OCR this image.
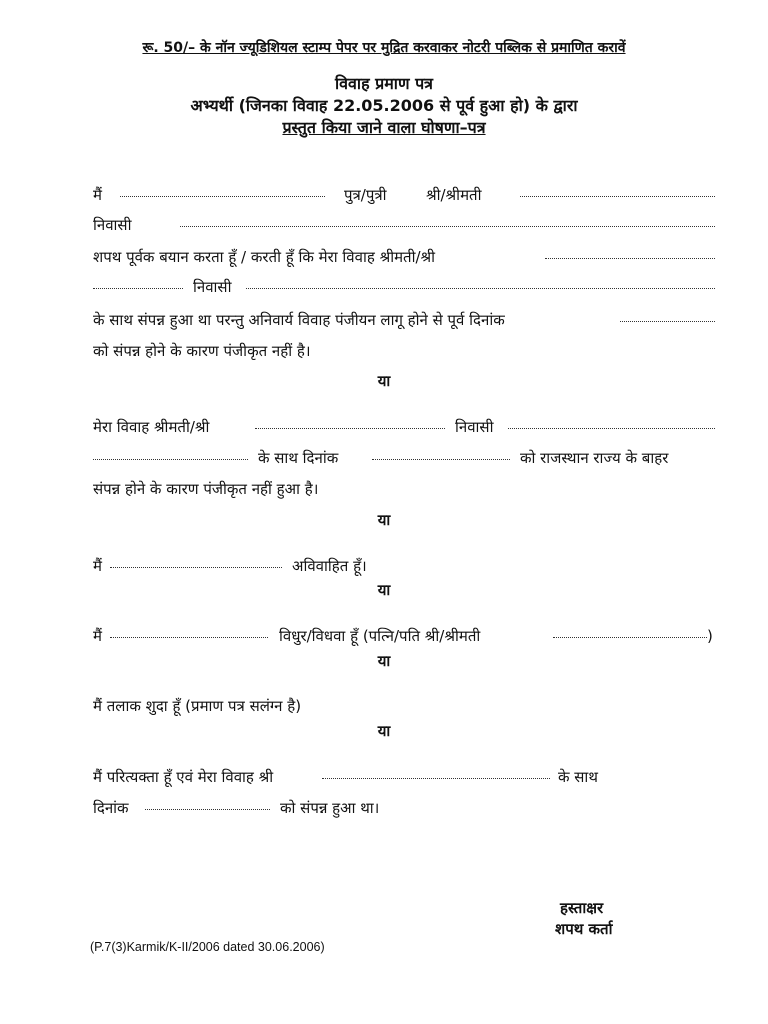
रू. 50/– के नॉन ज्यूडिशियल स्टाम्प पेपर पर मुद्रित करवाकर नोटरी पब्लिक से प्रमाणित करावें
विवाह प्रमाण पत्र
अभ्यर्थी (जिनका विवाह 22.05.2006 से पूर्व हुआ हो) के द्वारा
प्रस्तुत किया जाने वाला घोषणा–पत्र
मैं	पुत्र/पुत्री	श्री/श्रीमती
निवासी
शपथ पूर्वक बयान करता हूँ / करती हूँ कि मेरा विवाह श्रीमती/श्री
निवासी
के साथ संपन्न हुआ था परन्तु अनिवार्य विवाह पंजीयन लागू होने से पूर्व दिनांक
को संपन्न होने के कारण पंजीकृत नहीं है।
या
मेरा विवाह श्रीमती/श्री	निवासी
के साथ दिनांक	को राजस्थान राज्य के बाहर
संपन्न होने के कारण पंजीकृत नहीं हुआ है।
या
मैं	अविवाहित हूँ।
या
मैं	विधुर/विधवा हूँ (पत्नि/पति श्री/श्रीमती	)
या
मैं तलाक शुदा हूँ (प्रमाण पत्र सलंग्न है)
या
मैं परित्यक्ता हूँ एवं मेरा विवाह श्री	के साथ
दिनांक	को संपन्न हुआ था।
हस्ताक्षर
शपथ कर्ता
(P.7(3)Karmik/K-II/2006 dated 30.06.2006)
